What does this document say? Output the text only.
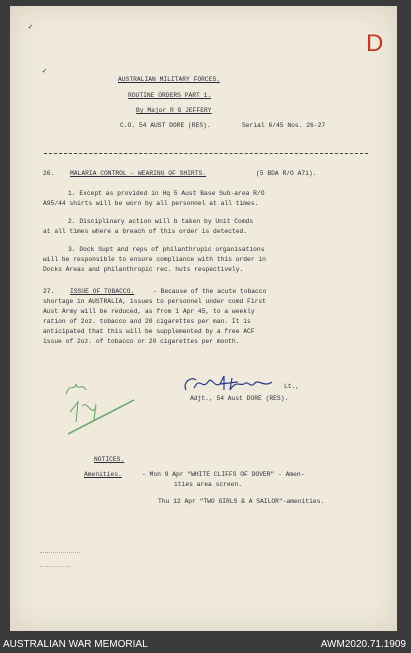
✓
✓
D
AUSTRALIAN MILITARY FORCES.
ROUTINE ORDERS PART 1.
By Major R G JEFFERY
C.O. 54 AUST DORE (RES).	Serial 6/45 Nos. 26-27
26. MALARIA CONTROL - WEARING OF SHIRTS.	(5 BDA R/O A71).
1. Except as provided in Hq 5 Aust Base Sub-area R/O
A95/44 shirts will be worn by all personnel at all times.
2. Disciplinary action will b taken by Unit Comds
at all times where a breach of this order is detected.
3. Dock Supt and reps of philanthropic organisations
will be responsible to ensure compliance with this order in
Docks Areas and philanthropic rec. huts respectively.
27. ISSUE OF TOBACCO.	- Because of the acute tobacco
shortage in AUSTRALIA, issues to personnel under comd First
Aust Army will be reduced, as from 1 Apr 45, to a weekly
ration of 2oz. tobacco and 20 cigarettes per man. It is
anticipated that this will be supplemented by a free ACF
issue of 2oz. of tobacco or 20 cigarettes per month.
Lt.,
Adjt., 54 Aust DORE (RES).
NOTICES.
Amenities.	- Mon 9 Apr "WHITE CLIFFS OF DOVER" - Amen-
ities area screen.
Thu 12 Apr "TWO GIRLS & A SAILOR"-amenities.
AUSTRALIAN WAR MEMORIAL	AWM2020.71.1909
